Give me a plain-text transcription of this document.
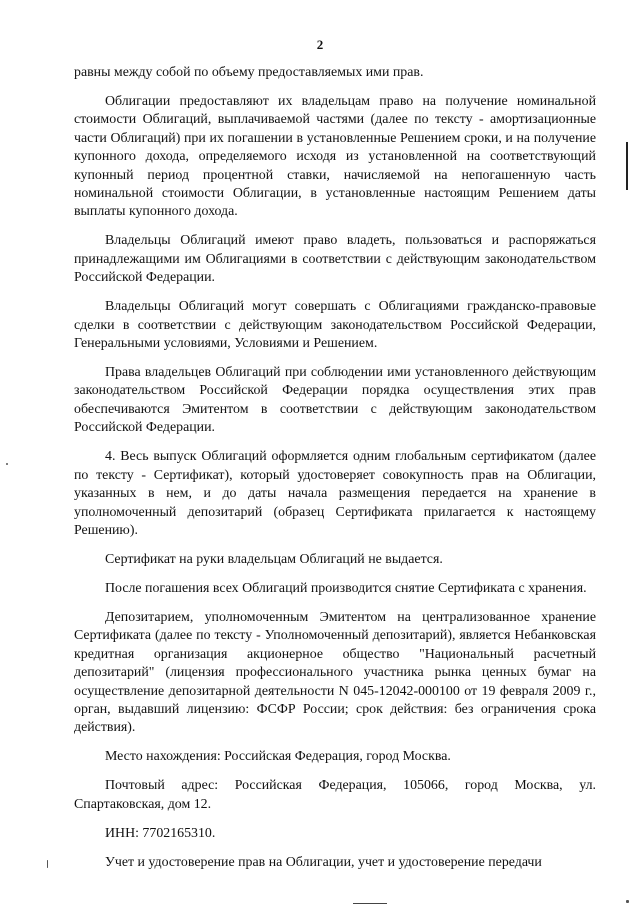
2

равны между собой по объему предоставляемых ими прав.

Облигации предоставляют их владельцам право на получение номинальной стоимости Облигаций, выплачиваемой частями (далее по тексту - амортизационные части Облигаций) при их погашении в установленные Решением сроки, и на получение купонного дохода, определяемого исходя из установленной на соответствующий купонный период процентной ставки, начисляемой на непогашенную часть номинальной стоимости Облигации, в установленные настоящим Решением даты выплаты купонного дохода.

Владельцы Облигаций имеют право владеть, пользоваться и распоряжаться принадлежащими им Облигациями в соответствии с действующим законодательством Российской Федерации.

Владельцы Облигаций могут совершать с Облигациями гражданско-правовые сделки в соответствии с действующим законодательством Российской Федерации, Генеральными условиями, Условиями и Решением.

Права владельцев Облигаций при соблюдении ими установленного действующим законодательством Российской Федерации порядка осуществления этих прав обеспечиваются Эмитентом в соответствии с действующим законодательством Российской Федерации.

4. Весь выпуск Облигаций оформляется одним глобальным сертификатом (далее по тексту - Сертификат), который удостоверяет совокупность прав на Облигации, указанных в нем, и до даты начала размещения передается на хранение в уполномоченный депозитарий (образец Сертификата прилагается к настоящему Решению).

Сертификат на руки владельцам Облигаций не выдается.

После погашения всех Облигаций производится снятие Сертификата с хранения.

Депозитарием, уполномоченным Эмитентом на централизованное хранение Сертификата (далее по тексту - Уполномоченный депозитарий), является Небанковская кредитная организация акционерное общество "Национальный расчетный депозитарий" (лицензия профессионального участника рынка ценных бумаг на осуществление депозитарной деятельности N 045-12042-000100 от 19 февраля 2009 г., орган, выдавший лицензию: ФСФР России; срок действия: без ограничения срока действия).

Место нахождения: Российская Федерация, город Москва.

Почтовый адрес: Российская Федерация, 105066, город Москва, ул. Спартаковская, дом 12.

ИНН: 7702165310.

Учет и удостоверение прав на Облигации, учет и удостоверение передачи
